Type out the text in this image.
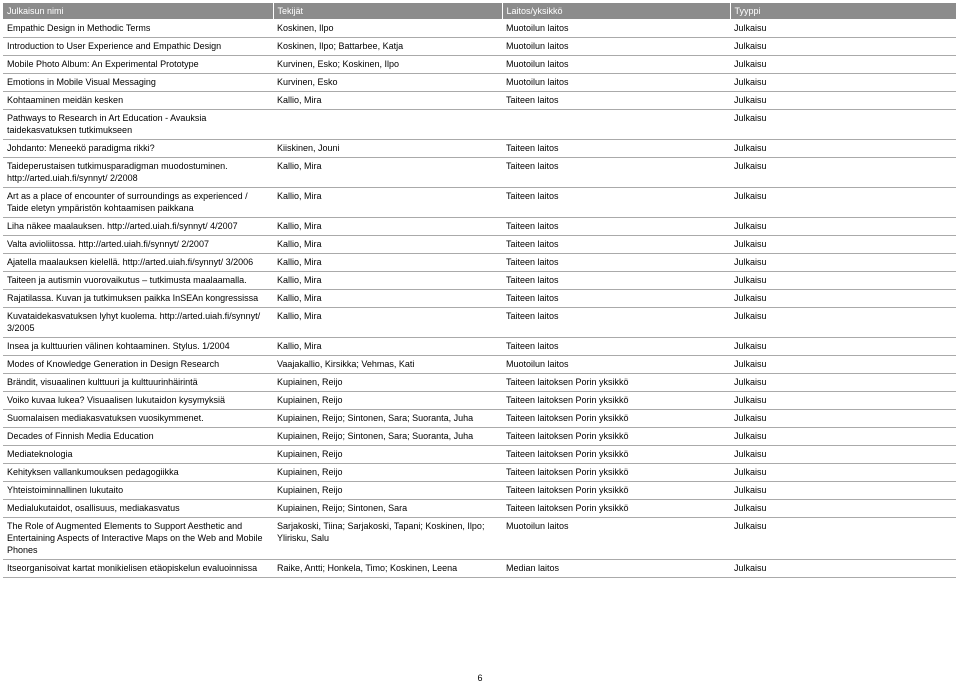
Julkaisun nimi	Tekijät	Laitos/yksikkö	Tyyppi
Empathic Design in Methodic Terms	Koskinen, Ilpo	Muotoilun laitos	Julkaisu
Introduction to User Experience and Empathic Design	Koskinen, Ilpo; Battarbee, Katja	Muotoilun laitos	Julkaisu
Mobile Photo Album: An Experimental Prototype	Kurvinen, Esko; Koskinen, Ilpo	Muotoilun laitos	Julkaisu
Emotions in Mobile Visual Messaging	Kurvinen, Esko	Muotoilun laitos	Julkaisu
Kohtaaminen meidän kesken	Kallio, Mira	Taiteen laitos	Julkaisu
Pathways to Research in Art Education - Avauksia taidekasvatuksen tutkimukseen			Julkaisu
Johdanto: Meneekö paradigma rikki?	Kiiskinen, Jouni	Taiteen laitos	Julkaisu
Taideperustaisen tutkimusparadigman muodostuminen. http://arted.uiah.fi/synnyt/ 2/2008	Kallio, Mira	Taiteen laitos	Julkaisu
Art as a place of encounter of surroundings as experienced / Taide eletyn ympäristön kohtaamisen paikkana	Kallio, Mira	Taiteen laitos	Julkaisu
Liha näkee maalauksen. http://arted.uiah.fi/synnyt/ 4/2007	Kallio, Mira	Taiteen laitos	Julkaisu
Valta avioliitossa. http://arted.uiah.fi/synnyt/ 2/2007	Kallio, Mira	Taiteen laitos	Julkaisu
Ajatella maalauksen kielellä. http://arted.uiah.fi/synnyt/ 3/2006	Kallio, Mira	Taiteen laitos	Julkaisu
Taiteen ja autismin vuorovaikutus – tutkimusta maalaamalla.	Kallio, Mira	Taiteen laitos	Julkaisu
Rajatilassa. Kuvan ja tutkimuksen paikka InSEAn kongressissa	Kallio, Mira	Taiteen laitos	Julkaisu
Kuvataidekasvatuksen lyhyt kuolema. http://arted.uiah.fi/synnyt/ 3/2005	Kallio, Mira	Taiteen laitos	Julkaisu
Insea ja kulttuurien välinen kohtaaminen. Stylus. 1/2004	Kallio, Mira	Taiteen laitos	Julkaisu
Modes of Knowledge Generation in Design Research	Vaajakallio, Kirsikka; Vehmas, Kati	Muotoilun laitos	Julkaisu
Brändit, visuaalinen kulttuuri ja kulttuurinhäirintä	Kupiainen, Reijo	Taiteen laitoksen Porin yksikkö	Julkaisu
Voiko kuvaa lukea? Visuaalisen lukutaidon kysymyksiä	Kupiainen, Reijo	Taiteen laitoksen Porin yksikkö	Julkaisu
Suomalaisen mediakasvatuksen vuosikymmenet.	Kupiainen, Reijo; Sintonen, Sara; Suoranta, Juha	Taiteen laitoksen Porin yksikkö	Julkaisu
Decades of Finnish Media Education	Kupiainen, Reijo; Sintonen, Sara; Suoranta, Juha	Taiteen laitoksen Porin yksikkö	Julkaisu
Mediateknologia	Kupiainen, Reijo	Taiteen laitoksen Porin yksikkö	Julkaisu
Kehityksen vallankumouksen pedagogiikka	Kupiainen, Reijo	Taiteen laitoksen Porin yksikkö	Julkaisu
Yhteistoiminnallinen lukutaito	Kupiainen, Reijo	Taiteen laitoksen Porin yksikkö	Julkaisu
Medialukutaidot, osallisuus, mediakasvatus	Kupiainen, Reijo; Sintonen, Sara	Taiteen laitoksen Porin yksikkö	Julkaisu
The Role of Augmented Elements to Support Aesthetic and Entertaining Aspects of Interactive Maps on the Web and Mobile Phones	Sarjakoski, Tiina; Sarjakoski, Tapani; Koskinen, Ilpo; Ylirisku, Salu	Muotoilun laitos	Julkaisu
Itseorganisoivat kartat monikielisen etäopiskelun evaluoinnissa	Raike, Antti; Honkela, Timo; Koskinen, Leena	Median laitos	Julkaisu
6
